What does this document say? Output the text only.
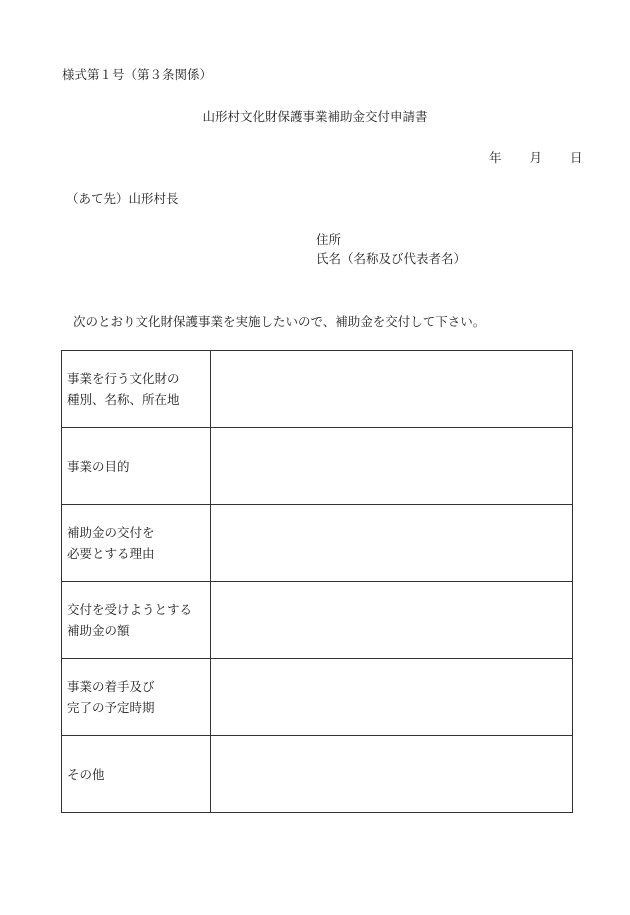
様式第１号（第３条関係）
山形村文化財保護事業補助金交付申請書
年 月 日
（あて先）山形村長
住所
氏名（名称及び代表者名）
次のとおり文化財保護事業を実施したいので、補助金を交付して下さい。
事業を行う文化財の
種別、名称、所在地	

事業の目的	

補助金の交付を
必要とする理由	

交付を受けようとする
補助金の額	

事業の着手及び
完了の予定時期	

その他	
